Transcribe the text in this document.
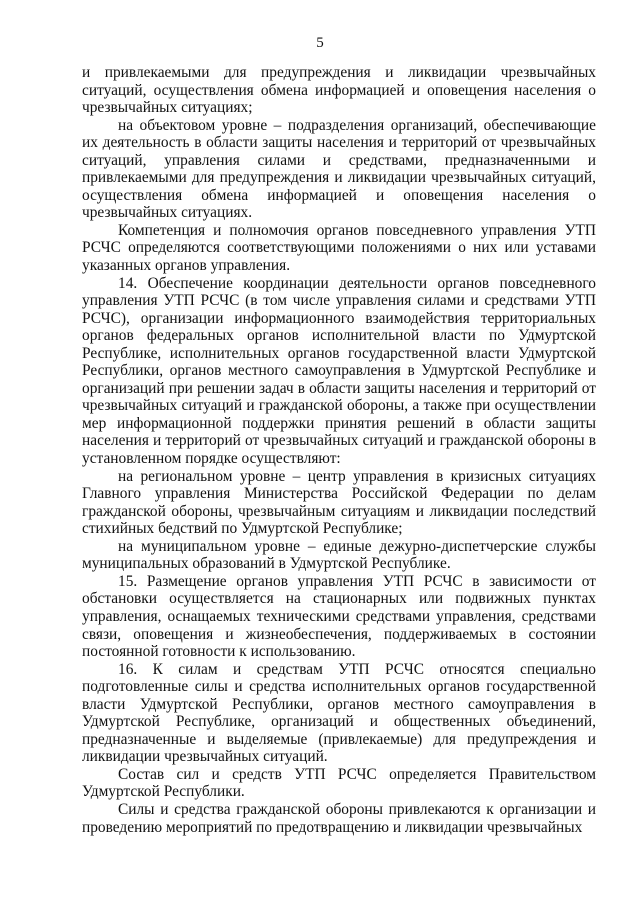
5

и привлекаемыми для предупреждения и ликвидации чрезвычайных ситуаций, осуществления обмена информацией и оповещения населения о чрезвычайных ситуациях;

на объектовом уровне – подразделения организаций, обеспечивающие их деятельность в области защиты населения и территорий от чрезвычайных ситуаций, управления силами и средствами, предназначенными и привлекаемыми для предупреждения и ликвидации чрезвычайных ситуаций, осуществления обмена информацией и оповещения населения о чрезвычайных ситуациях.

Компетенция и полномочия органов повседневного управления УТП РСЧС определяются соответствующими положениями о них или уставами указанных органов управления.

14. Обеспечение координации деятельности органов повседневного управления УТП РСЧС (в том числе управления силами и средствами УТП РСЧС), организации информационного взаимодействия территориальных органов федеральных органов исполнительной власти по Удмуртской Республике, исполнительных органов государственной власти Удмуртской Республики, органов местного самоуправления в Удмуртской Республике и организаций при решении задач в области защиты населения и территорий от чрезвычайных ситуаций и гражданской обороны, а также при осуществлении мер информационной поддержки принятия решений в области защиты населения и территорий от чрезвычайных ситуаций и гражданской обороны в установленном порядке осуществляют:

на региональном уровне – центр управления в кризисных ситуациях Главного управления Министерства Российской Федерации по делам гражданской обороны, чрезвычайным ситуациям и ликвидации последствий стихийных бедствий по Удмуртской Республике;

на муниципальном уровне – единые дежурно-диспетчерские службы муниципальных образований в Удмуртской Республике.

15. Размещение органов управления УТП РСЧС в зависимости от обстановки осуществляется на стационарных или подвижных пунктах управления, оснащаемых техническими средствами управления, средствами связи, оповещения и жизнеобеспечения, поддерживаемых в состоянии постоянной готовности к использованию.

16. К силам и средствам УТП РСЧС относятся специально подготовленные силы и средства исполнительных органов государственной власти Удмуртской Республики, органов местного самоуправления в Удмуртской Республике, организаций и общественных объединений, предназначенные и выделяемые (привлекаемые) для предупреждения и ликвидации чрезвычайных ситуаций.

Состав сил и средств УТП РСЧС определяется Правительством Удмуртской Республики.

Силы и средства гражданской обороны привлекаются к организации и проведению мероприятий по предотвращению и ликвидации чрезвычайных
